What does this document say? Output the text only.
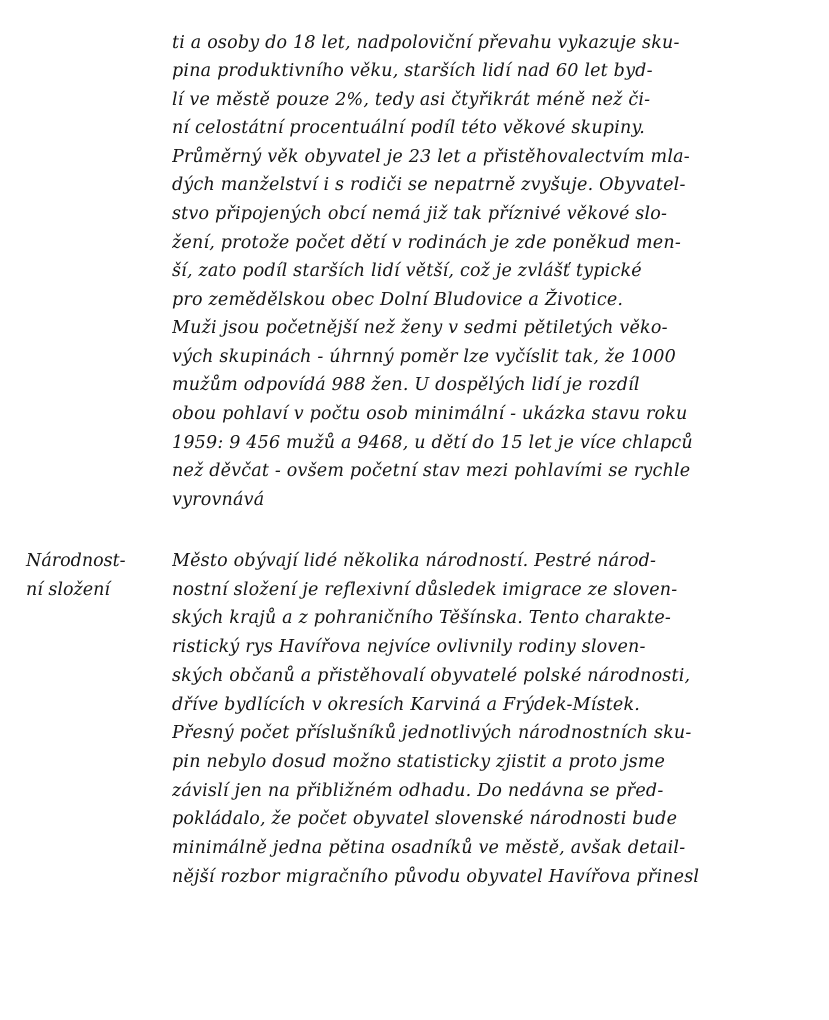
ti a osoby do 18 let, nadpoloviční převahu vykazuje sku-
pina produktivního věku, starších lidí nad 60 let byd-
lí ve městě pouze 2%, tedy asi čtyřikrát méně než či-
ní celostátní procentuální podíl této věkové skupiny.
Průměrný věk obyvatel je 23 let a přistěhovalectvím mla-
dých manželství i s rodiči se nepatrně zvyšuje. Obyvatel-
stvo připojených obcí nemá již tak příznivé věkové slo-
žení, protože počet dětí v rodinách je zde poněkud men-
ší, zato podíl starších lidí větší, což je zvlášť typické
pro zemědělskou obec Dolní Bludovice a Životice.
Muži jsou početnější než ženy v sedmi pětiletých věko-
vých skupinách - úhrnný poměr lze vyčíslit tak, že 1000
mužům odpovídá 988 žen. U dospělých lidí je rozdíl
obou pohlaví v počtu osob minimální - ukázka stavu roku
1959: 9 456 mužů a 9468, u dětí do 15 let je více chlapců
než děvčat - ovšem početní stav mezi pohlavími se rychle
vyrovnává
Národnost-
ní složení
Město obývají lidé několika národností. Pestré národ-
nostní složení je reflexivní důsledek imigrace ze sloven-
ských krajů a z pohraničního Těšínska. Tento charakte-
ristický rys Havířova nejvíce ovlivnily rodiny sloven-
ských občanů a přistěhovalí obyvatelé polské národnosti,
dříve bydlících v okresích Karviná a Frýdek-Místek.
Přesný počet příslušníků jednotlivých národnostních sku-
pin nebylo dosud možno statisticky zjistit a proto jsme
závislí jen na přibližném odhadu. Do nedávna se před-
pokládalo, že počet obyvatel slovenské národnosti bude
minimálně jedna pětina osadníků ve městě, avšak detail-
nější rozbor migračního původu obyvatel Havířova přinesl
